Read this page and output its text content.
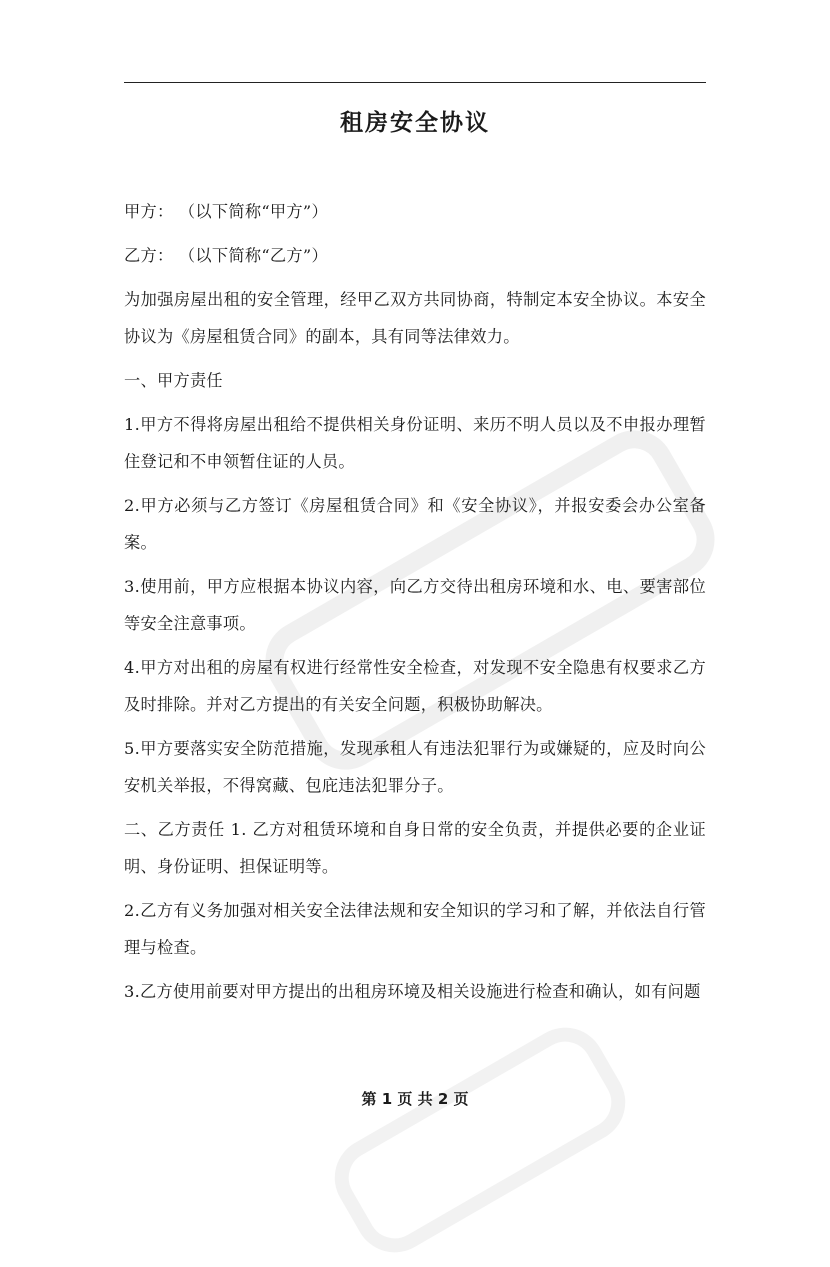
租房安全协议

甲方： （以下简称“甲方”）

乙方： （以下简称“乙方”）

为加强房屋出租的安全管理，经甲乙双方共同协商，特制定本安全协议。本安全协议为《房屋租赁合同》的副本，具有同等法律效力。

一、甲方责任

1.甲方不得将房屋出租给不提供相关身份证明、来历不明人员以及不申报办理暂住登记和不申领暂住证的人员。

2.甲方必须与乙方签订《房屋租赁合同》和《安全协议》，并报安委会办公室备案。

3.使用前，甲方应根据本协议内容，向乙方交待出租房环境和水、电、要害部位等安全注意事项。

4.甲方对出租的房屋有权进行经常性安全检查，对发现不安全隐患有权要求乙方及时排除。并对乙方提出的有关安全问题，积极协助解决。

5.甲方要落实安全防范措施，发现承租人有违法犯罪行为或嫌疑的，应及时向公安机关举报，不得窝藏、包庇违法犯罪分子。

二、乙方责任 1. 乙方对租赁环境和自身日常的安全负责，并提供必要的企业证明、身份证明、担保证明等。

2.乙方有义务加强对相关安全法律法规和安全知识的学习和了解，并依法自行管理与检查。

3.乙方使用前要对甲方提出的出租房环境及相关设施进行检查和确认，如有问题

第 1 页 共 2 页
